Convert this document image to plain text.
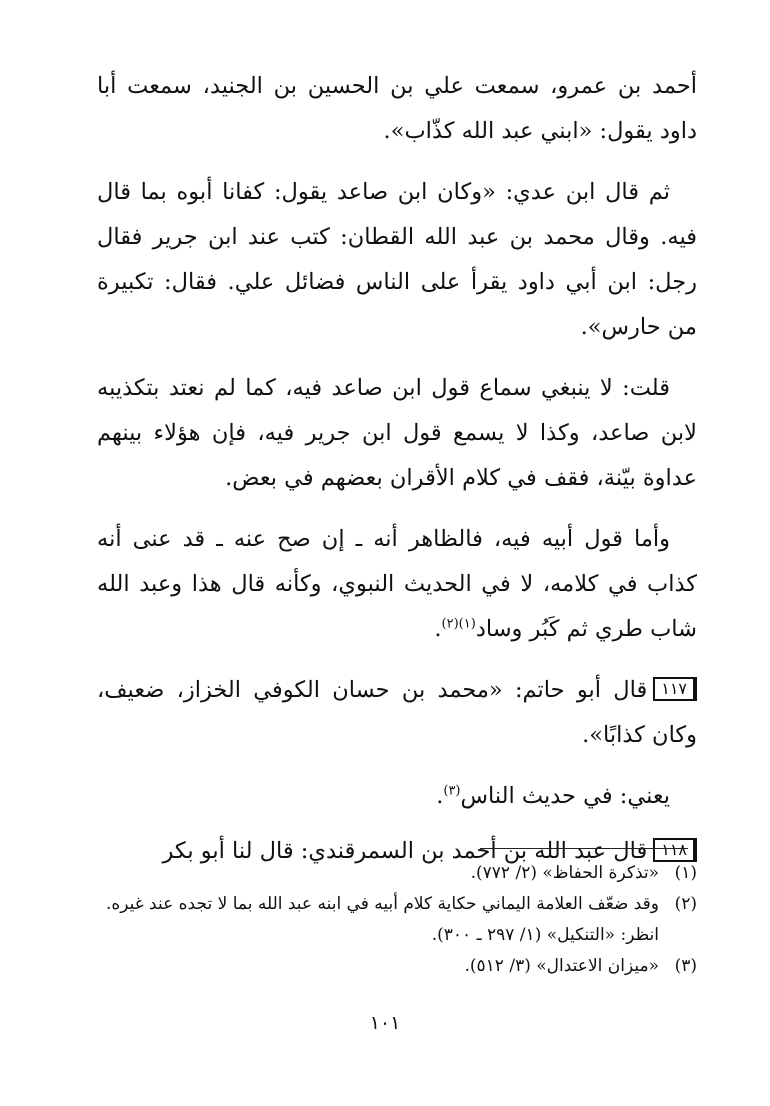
أحمد بن عمرو، سمعت علي بن الحسين بن الجنيد، سمعت أبا داود يقول: «ابني عبد الله كذّاب».

ثم قال ابن عدي: «وكان ابن صاعد يقول: كفانا أبوه بما قال فيه. وقال محمد بن عبد الله القطان: كتب عند ابن جرير فقال رجل: ابن أبي داود يقرأ على الناس فضائل علي. فقال: تكبيرة من حارس».

قلت: لا ينبغي سماع قول ابن صاعد فيه، كما لم نعتد بتكذيبه لابن صاعد، وكذا لا يسمع قول ابن جرير فيه، فإن هؤلاء بينهم عداوة بيّنة، فقف في كلام الأقران بعضهم في بعض.

وأما قول أبيه فيه، فالظاهر أنه ـ إن صح عنه ـ قد عنى أنه كذاب في كلامه، لا في الحديث النبوي، وكأنه قال هذا وعبد الله شاب طري ثم كَبُر وساد$^{(١)(٢)}$.

١١٧قال أبو حاتم: «محمد بن حسان الكوفي الخزاز، ضعيف، وكان كذابًا».

يعني: في حديث الناس$^{(٣)}$.

١١٨قال عبد الله بن أحمد بن السمرقندي: قال لنا أبو بكر

(١)
«تذكرة الحفاظ» (٢/ ٧٧٢).
(٢)
وقد ضعّف العلامة اليماني حكاية كلام أبيه في ابنه عبد الله بما لا تجده عند غيره. انظر: «التنكيل» (١/ ٢٩٧ ـ ٣٠٠).
(٣)
«ميزان الاعتدال» (٣/ ٥١٢).
١٠١
